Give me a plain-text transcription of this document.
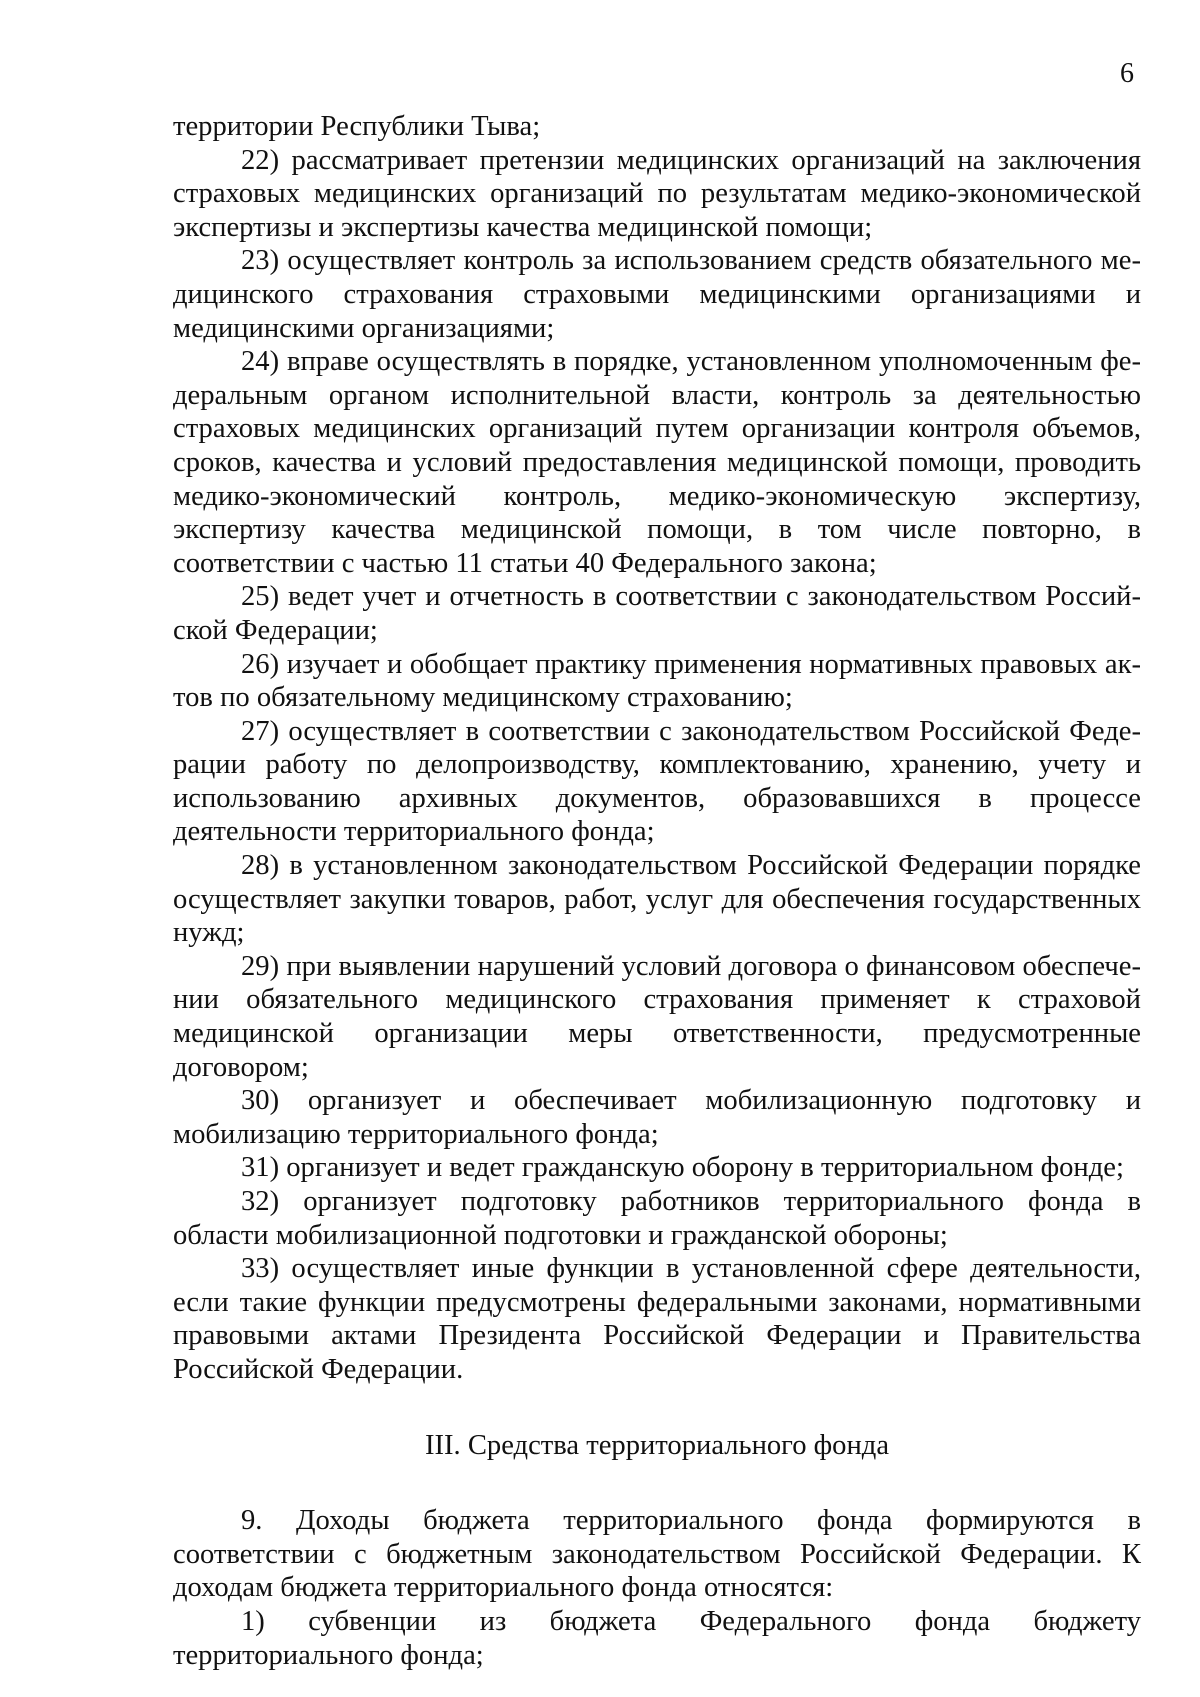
6

территории Республики Тыва;

22) рассматривает претензии медицинских организаций на заключения страховых медицинских организаций по результатам медико-экономической экспертизы и экспертизы качества медицинской помощи;

23) осуществляет контроль за использованием средств обязательного медицинского страхования страховыми медицинскими организациями и медицинскими организациями;

24) вправе осуществлять в порядке, установленном уполномоченным федеральным органом исполнительной власти, контроль за деятельностью страховых медицинских организаций путем организации контроля объемов, сроков, качества и условий предоставления медицинской помощи, проводить медико-экономический контроль, медико-экономическую экспертизу, экспертизу качества медицинской помощи, в том числе повторно, в соответствии с частью 11 статьи 40 Федерального закона;

25) ведет учет и отчетность в соответствии с законодательством Российской Федерации;

26) изучает и обобщает практику применения нормативных правовых актов по обязательному медицинскому страхованию;

27) осуществляет в соответствии с законодательством Российской Федерации работу по делопроизводству, комплектованию, хранению, учету и использованию архивных документов, образовавшихся в процессе деятельности территориального фонда;

28) в установленном законодательством Российской Федерации порядке осуществляет закупки товаров, работ, услуг для обеспечения государственных нужд;

29) при выявлении нарушений условий договора о финансовом обеспечении обязательного медицинского страхования применяет к страховой медицинской организации меры ответственности, предусмотренные договором;

30) организует и обеспечивает мобилизационную подготовку и мобилизацию территориального фонда;

31) организует и ведет гражданскую оборону в территориальном фонде;

32) организует подготовку работников территориального фонда в области мобилизационной подготовки и гражданской обороны;

33) осуществляет иные функции в установленной сфере деятельности, если такие функции предусмотрены федеральными законами, нормативными правовыми актами Президента Российской Федерации и Правительства Российской Федерации.

III. Средства территориального фонда

9. Доходы бюджета территориального фонда формируются в соответствии с бюджетным законодательством Российской Федерации. К доходам бюджета территориального фонда относятся:

1) субвенции из бюджета Федерального фонда бюджету территориального фонда;
